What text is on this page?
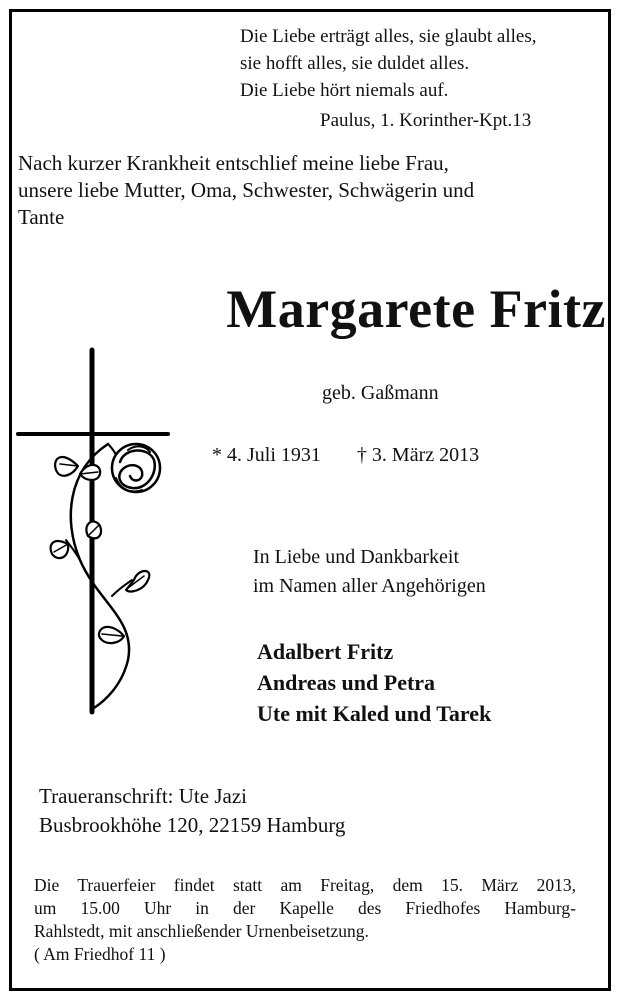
Die Liebe erträgt alles, sie glaubt alles,
sie hofft alles, sie duldet alles.
Die Liebe hört niemals auf.
Paulus, 1. Korinther-Kpt.13
Nach kurzer Krankheit entschlief meine liebe Frau,
unsere liebe Mutter, Oma, Schwester, Schwägerin und
Tante
Margarete Fritz
geb. Gaßmann
* 4. Juli 1931 † 3. März 2013
In Liebe und Dankbarkeit
im Namen aller Angehörigen
Adalbert Fritz
Andreas und Petra
Ute mit Kaled und Tarek
Traueranschrift: Ute Jazi
Busbrookhöhe 120, 22159 Hamburg
Die Trauerfeier findet statt am Freitag, dem 15. März 2013,
um 15.00 Uhr in der Kapelle des Friedhofes Hamburg-
Rahlstedt, mit anschließender Urnenbeisetzung.
( Am Friedhof 11 )
